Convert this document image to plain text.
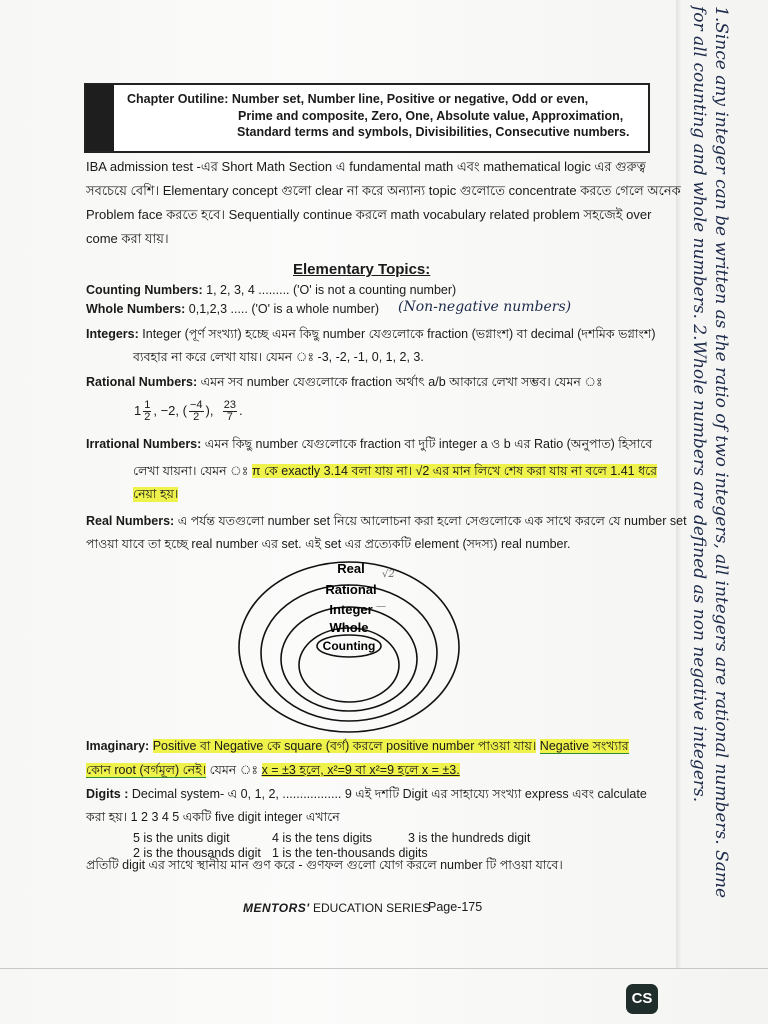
Chapter Outiline: Number set, Number line, Positive or negative, Odd or even,
Prime and composite, Zero, One, Absolute value, Approximation,
Standard terms and symbols, Divisibilities, Consecutive numbers.
IBA admission test -এর Short Math Section এ fundamental math এবং mathematical logic এর গুরুত্ব
সবচেয়ে বেশি। Elementary concept গুলো clear না করে অন্যান্য topic গুলোতে concentrate করতে গেলে অনেক
Problem face করতে হবে। Sequentially continue করলে math vocabulary related problem সহজেই over
come করা যায়।
Elementary Topics:
Counting Numbers: 1, 2, 3, 4 ......... ('O' is not a counting number)
Whole Numbers: 0,1,2,3 ..... ('O' is a whole number) (Non-negative numbers)
Integers: Integer (পূর্ণ সংখ্যা) হচ্ছে এমন কিছু number যেগুলোকে fraction (ভগ্নাংশ) বা decimal (দশমিক ভগ্নাংশ)
ব্যবহার না করে লেখা যায়। যেমন ঃ -3, -2, -1, 0, 1, 2, 3.
Rational Numbers: এমন সব number যেগুলোকে fraction অর্থাৎ a/b আকারে লেখা সম্ভব। যেমন ঃ
$1 \frac{1}{2}$ , −2, ( $\frac{-4}{2}$ ), $\frac{23}{7}$ .
Irrational Numbers: এমন কিছু number যেগুলোকে fraction বা দুটি integer a ও b এর Ratio (অনুপাত) হিসাবে
লেখা যায়না। যেমন ঃ π কে exactly 3.14 বলা যায় না। √2 এর মান লিখে শেষ করা যায় না বলে 1.41 ধরে
নেয়া হয়।
Real Numbers: এ পর্যন্ত যতগুলো number set নিয়ে আলোচনা করা হলো সেগুলোকে এক সাথে করলে যে number set
পাওয়া যাবে তা হচ্ছে real number এর set. এই set এর প্রত্যেকটি element (সদস্য) real number.
Real
Rational
Integer
Whole
Counting
√2
—
Imaginary: Positive বা Negative কে square (বর্গ) করলে positive number পাওয়া যায়। Negative সংখ্যার
কোন root (বর্গমূল) নেই। যেমন ঃ x = ±3 হলে, x²=9 বা x²=9 হলে x = ±3.
Digits : Decimal system- এ 0, 1, 2, ................. 9 এই দশটি Digit এর সাহায্যে সংখ্যা express এবং calculate
করা হয়। 1 2 3 4 5 একটি five digit integer এখানে
5 is the units digit	4 is the tens digits	3 is the hundreds digit
2 is the thousands digit 1 is the ten-thousands digits
প্রতিটি digit এর সাথে স্থানীয় মান গুণ করে - গুণফল গুলো যোগ করলে number টি পাওয়া যাবে।
MENTORS' EDUCATION SERIES
Page-175
1.Since any integer can be written as the ratio of two integers, all integers are rational numbers. Same for all counting and whole numbers. 2.Whole numbers are defined as non negative integers.
CS
